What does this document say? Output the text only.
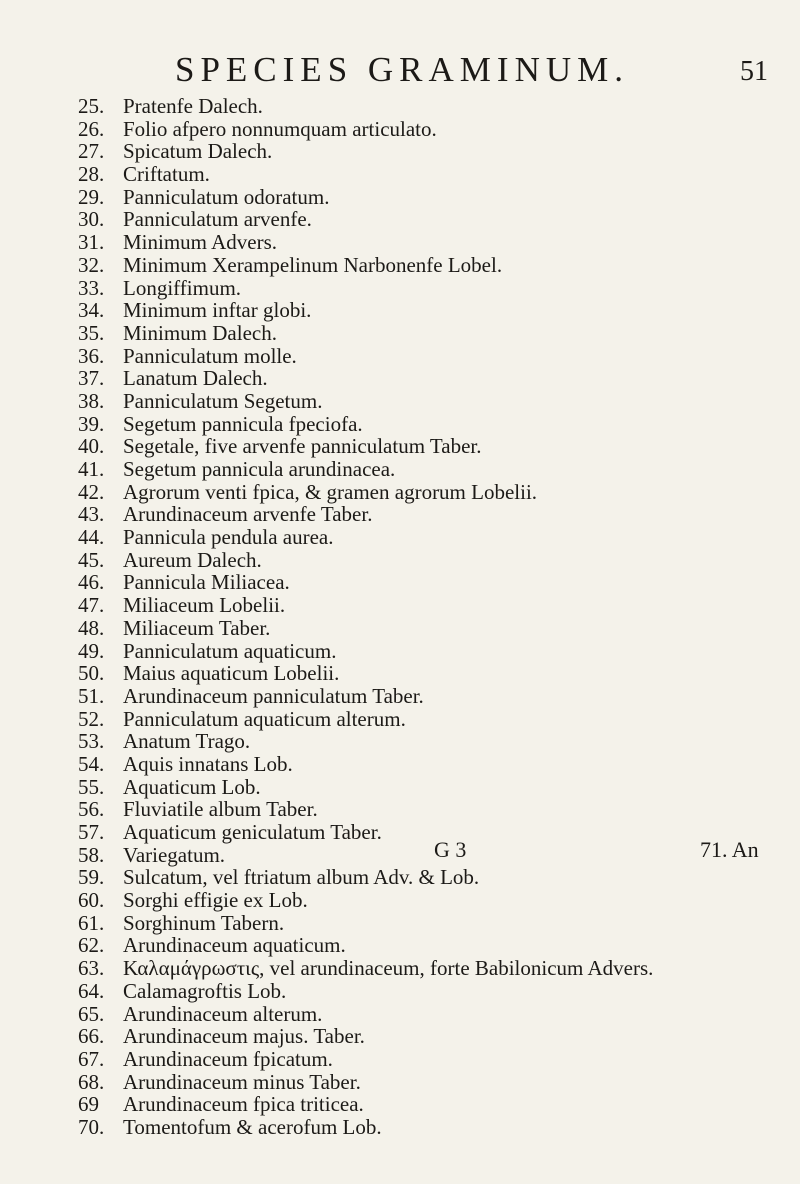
SPECIES GRAMINUM.	51
25. Pratenfe Dalech.
26. Folio afpero nonnumquam articulato.
27. Spicatum Dalech.
28. Criftatum.
29. Panniculatum odoratum.
30. Panniculatum arvenfe.
31. Minimum Advers.
32. Minimum Xerampelinum Narbonenfe Lobel.
33. Longiffimum.
34. Minimum inftar globi.
35. Minimum Dalech.
36. Panniculatum molle.
37. Lanatum Dalech.
38. Panniculatum Segetum.
39. Segetum pannicula fpeciofa.
40. Segetale, five arvenfe panniculatum Taber.
41. Segetum pannicula arundinacea.
42. Agrorum venti fpica, & gramen agrorum Lobelii.
43. Arundinaceum arvenfe Taber.
44. Pannicula pendula aurea.
45. Aureum Dalech.
46. Pannicula Miliacea.
47. Miliaceum Lobelii.
48. Miliaceum Taber.
49. Panniculatum aquaticum.
50. Maius aquaticum Lobelii.
51. Arundinaceum panniculatum Taber.
52. Panniculatum aquaticum alterum.
53. Anatum Trago.
54. Aquis innatans Lob.
55. Aquaticum Lob.
56. Fluviatile album Taber.
57. Aquaticum geniculatum Taber.
58. Variegatum.
59. Sulcatum, vel ftriatum album Adv. & Lob.
60. Sorghi effigie ex Lob.
61. Sorghinum Tabern.
62. Arundinaceum aquaticum.
63. Καλαμάγρωστις, vel arundinaceum, forte Babilonicum Advers.
64. Calamagroftis Lob.
65. Arundinaceum alterum.
66. Arundinaceum majus. Taber.
67. Arundinaceum fpicatum.
68. Arundinaceum minus Taber.
69 Arundinaceum fpica triticea.
70. Tomentofum & acerofum Lob.
G 3	71. An
